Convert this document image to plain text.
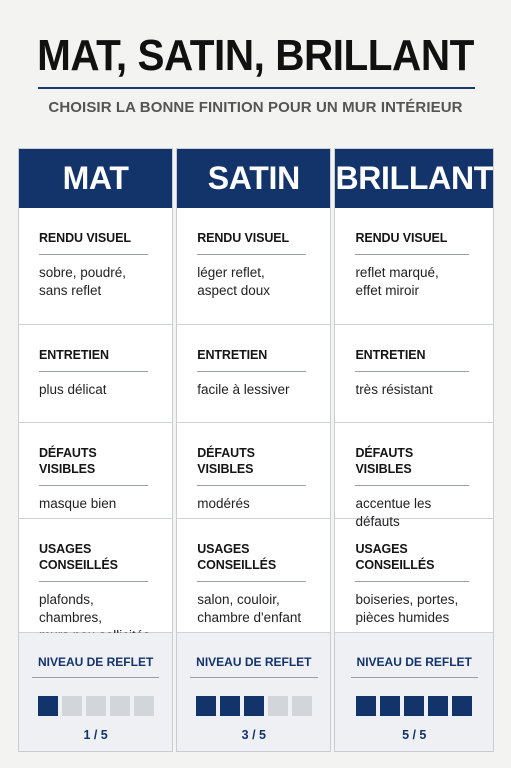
MAT, SATIN, BRILLANT
CHOISIR LA BONNE FINITION POUR UN MUR INTÉRIEUR
MAT
RENDU VISUEL
sobre, poudré,
sans reflet
ENTRETIEN
plus délicat
DÉFAUTS VISIBLES
masque bien
USAGES CONSEILLÉS
plafonds,
chambres,

NIVEAU DE REFLET
1 / 5
SATIN
RENDU VISUEL
léger reflet,
aspect doux
ENTRETIEN
facile à lessiver
DÉFAUTS VISIBLES
modérés
USAGES CONSEILLÉS
salon, couloir,
chambre d'enfant
NIVEAU DE REFLET
3 / 5
BRILLANT
RENDU VISUEL
reflet marqué,
effet miroir
ENTRETIEN
très résistant
DÉFAUTS VISIBLES
accentue les défauts
USAGES CONSEILLÉS
boiseries, portes,
pièces humides
NIVEAU DE REFLET
5 / 5
